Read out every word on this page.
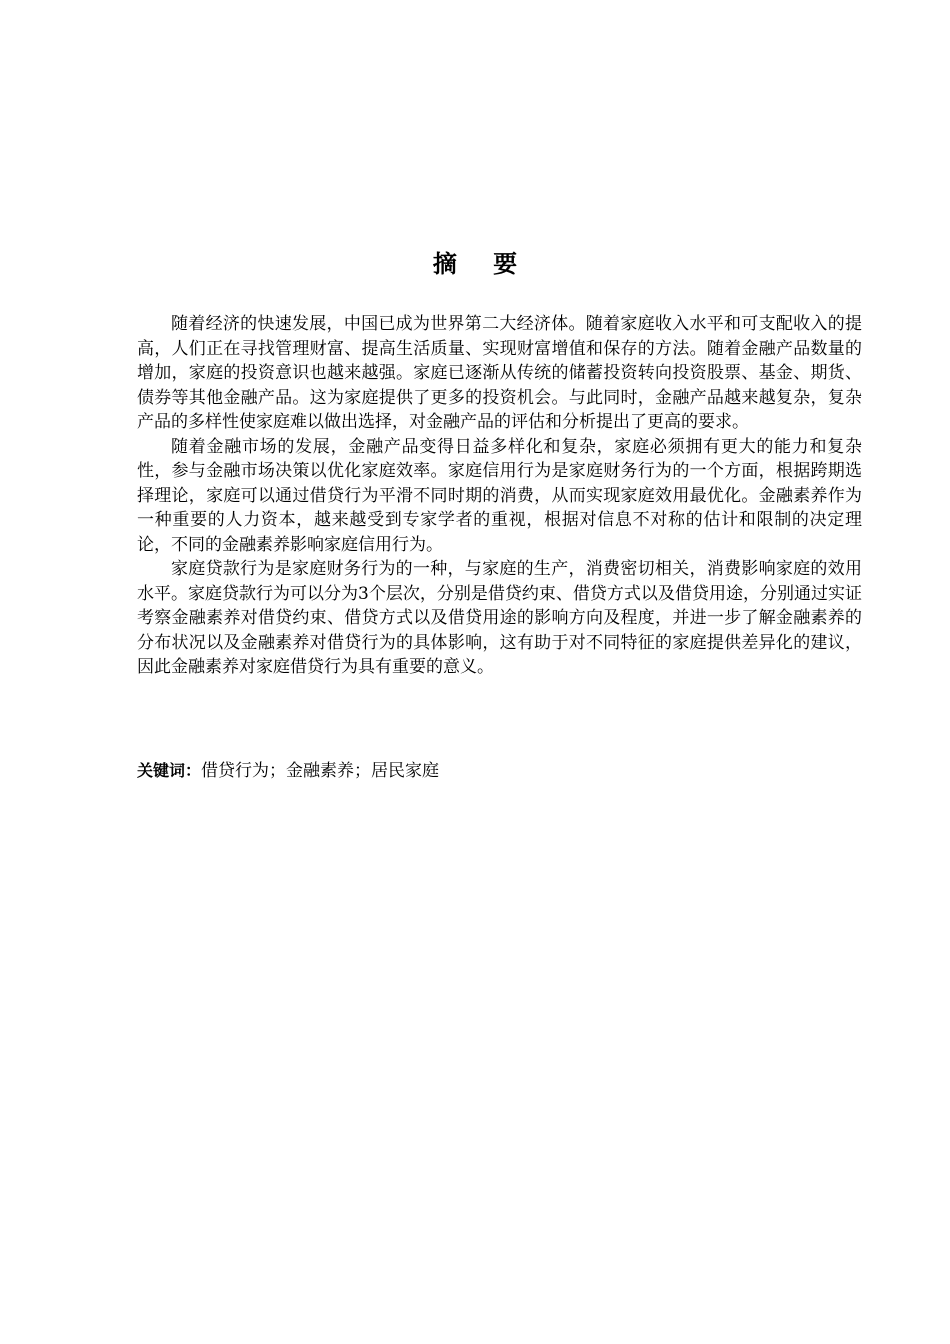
摘 要

随着经济的快速发展，中国已成为世界第二大经济体。随着家庭收入水平和可支配收入的提高，人们正在寻找管理财富、提高生活质量、实现财富增值和保存的方法。随着金融产品数量的增加，家庭的投资意识也越来越强。家庭已逐渐从传统的储蓄投资转向投资股票、基金、期货、债券等其他金融产品。这为家庭提供了更多的投资机会。与此同时，金融产品越来越复杂，复杂产品的多样性使家庭难以做出选择，对金融产品的评估和分析提出了更高的要求。

随着金融市场的发展，金融产品变得日益多样化和复杂，家庭必须拥有更大的能力和复杂性，参与金融市场决策以优化家庭效率。家庭信用行为是家庭财务行为的一个方面，根据跨期选择理论，家庭可以通过借贷行为平滑不同时期的消费，从而实现家庭效用最优化。金融素养作为一种重要的人力资本，越来越受到专家学者的重视，根据对信息不对称的估计和限制的决定理论，不同的金融素养影响家庭信用行为。

家庭贷款行为是家庭财务行为的一种，与家庭的生产，消费密切相关，消费影响家庭的效用水平。家庭贷款行为可以分为3个层次，分别是借贷约束、借贷方式以及借贷用途，分别通过实证考察金融素养对借贷约束、借贷方式以及借贷用途的影响方向及程度，并进一步了解金融素养的分布状况以及金融素养对借贷行为的具体影响，这有助于对不同特征的家庭提供差异化的建议，因此金融素养对家庭借贷行为具有重要的意义。

关键词：借贷行为；金融素养；居民家庭
